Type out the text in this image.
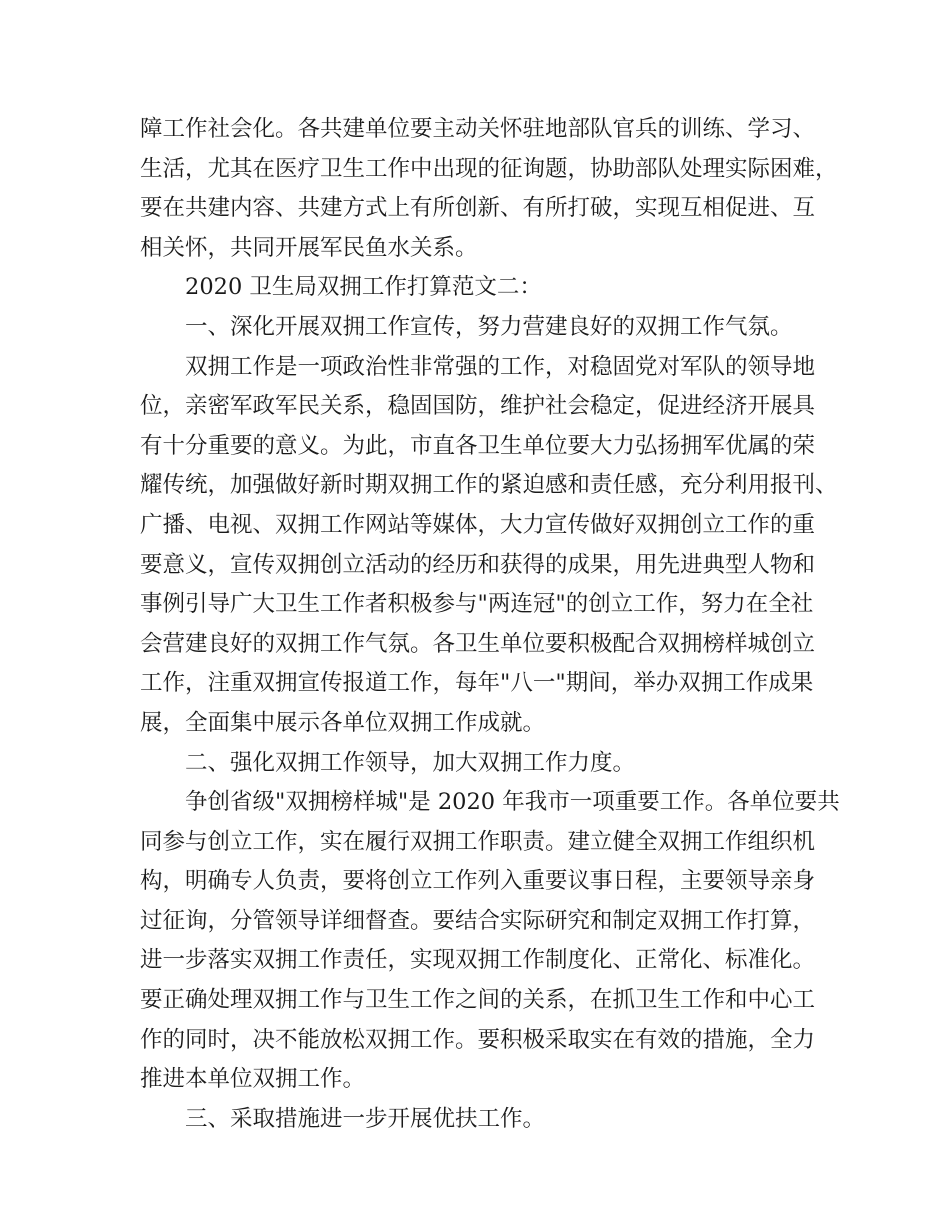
障工作社会化。各共建单位要主动关怀驻地部队官兵的训练、学习、
生活，尤其在医疗卫生工作中出现的征询题，协助部队处理实际困难，
要在共建内容、共建方式上有所创新、有所打破，实现互相促进、互
相关怀，共同开展军民鱼水关系。
2020 卫生局双拥工作打算范文二：
一、深化开展双拥工作宣传，努力营建良好的双拥工作气氛。
双拥工作是一项政治性非常强的工作，对稳固党对军队的领导地
位，亲密军政军民关系，稳固国防，维护社会稳定，促进经济开展具
有十分重要的意义。为此，市直各卫生单位要大力弘扬拥军优属的荣
耀传统，加强做好新时期双拥工作的紧迫感和责任感，充分利用报刊、
广播、电视、双拥工作网站等媒体，大力宣传做好双拥创立工作的重
要意义，宣传双拥创立活动的经历和获得的成果，用先进典型人物和
事例引导广大卫生工作者积极参与"两连冠"的创立工作，努力在全社
会营建良好的双拥工作气氛。各卫生单位要积极配合双拥榜样城创立
工作，注重双拥宣传报道工作，每年"八一"期间，举办双拥工作成果
展，全面集中展示各单位双拥工作成就。
二、强化双拥工作领导，加大双拥工作力度。
争创省级"双拥榜样城"是 2020 年我市一项重要工作。各单位要共
同参与创立工作，实在履行双拥工作职责。建立健全双拥工作组织机
构，明确专人负责，要将创立工作列入重要议事日程，主要领导亲身
过征询，分管领导详细督查。要结合实际研究和制定双拥工作打算，
进一步落实双拥工作责任，实现双拥工作制度化、正常化、标准化。
要正确处理双拥工作与卫生工作之间的关系，在抓卫生工作和中心工
作的同时，决不能放松双拥工作。要积极采取实在有效的措施，全力
推进本单位双拥工作。
三、采取措施进一步开展优扶工作。
